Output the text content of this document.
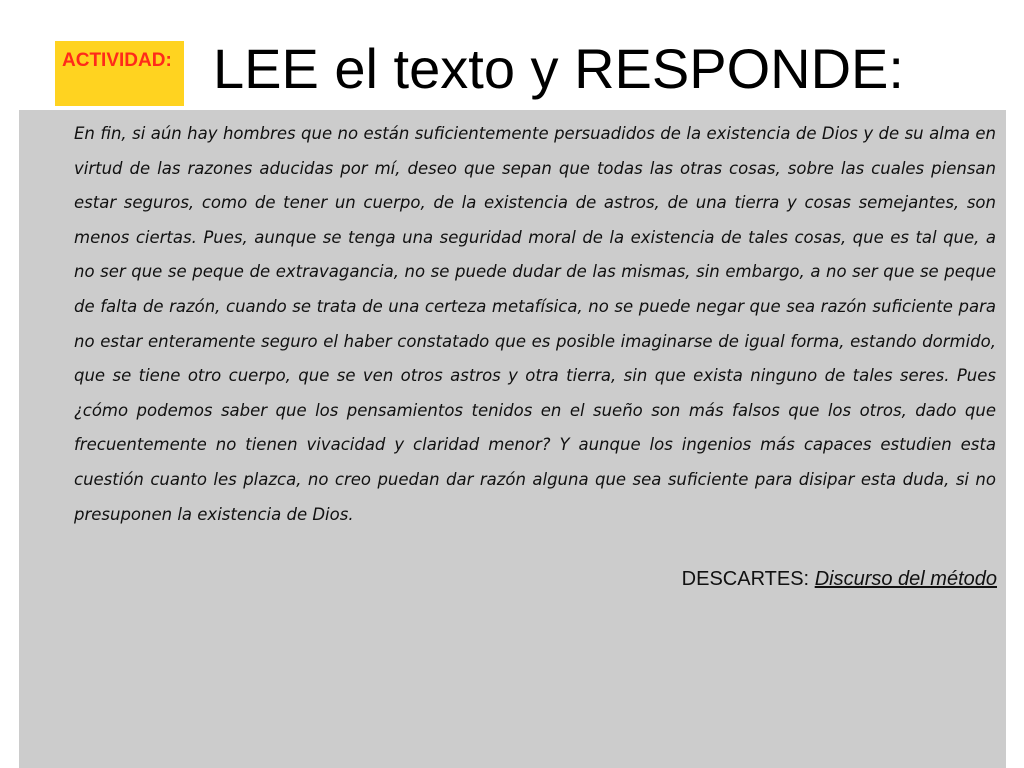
ACTIVIDAD: LEE el texto y RESPONDE:

En fin, si aún hay hombres que no están suficientemente persuadidos de la existencia de Dios y de su alma en virtud de las razones aducidas por mí, deseo que sepan que todas las otras cosas, sobre las cuales piensan estar seguros, como de tener un cuerpo, de la existencia de astros, de una tierra y cosas semejantes, son menos ciertas. Pues, aunque se tenga una seguridad moral de la existencia de tales cosas, que es tal que, a no ser que se peque de extravagancia, no se puede dudar de las mismas, sin embargo, a no ser que se peque de falta de razón, cuando se trata de una certeza metafísica, no se puede negar que sea razón suficiente para no estar enteramente seguro el haber constatado que es posible imaginarse de igual forma, estando dormido, que se tiene otro cuerpo, que se ven otros astros y otra tierra, sin que exista ninguno de tales seres. Pues ¿cómo podemos saber que los pensamientos tenidos en el sueño son más falsos que los otros, dado que frecuentemente no tienen vivacidad y claridad menor? Y aunque los ingenios más capaces estudien esta cuestión cuanto les plazca, no creo puedan dar razón alguna que sea suficiente para disipar esta duda, si no presuponen la existencia de Dios.

DESCARTES: Discurso del método
